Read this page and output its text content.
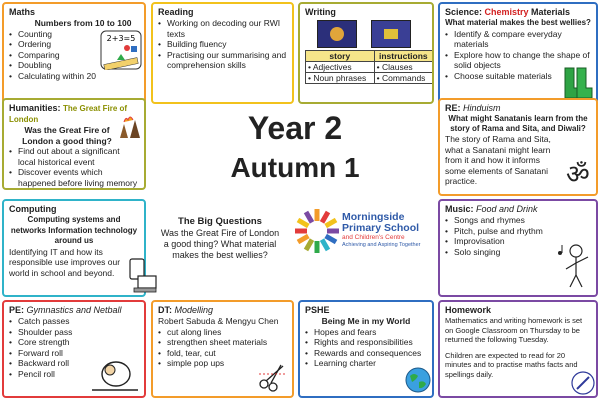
Maths
Numbers from 10 to 100
• Counting
• Ordering
• Comparing
• Doubling
• Calculating within 20
2+3=5
Reading
• Working on decoding our RWI texts
• Building fluency
• Practising our summarising and comprehension skills
Writing
story	instructions
• Adjectives	• Clauses
• Noun phrases	• Commands
Science: Chemistry Materials
What material makes the best wellies?
• Identify & compare everyday materials
• Explore how to change the shape of solid objects
• Choose suitable materials
Humanities: The Great Fire of London
Was the Great Fire of London a good thing?
• Find out about a significant local historical event
• Discover events which happened before living memory
Year 2
Autumn 1
RE: Hinduism
What might Sanatanis learn from the story of Rama and Sita, and Diwali?
The story of Rama and Sita, what a Sanatani might learn from it and how it informs some elements of Sanatani practice.	ॐ
Computing
Computing systems and networks Information technology around us
Identifying IT and how its responsible use improves our world in school and beyond.
The Big Questions
Was the Great Fire of London a good thing? What material makes the best wellies?
Morningside
Primary School
and Children's Centre
Achieving and Aspiring Together
Music: Food and Drink
• Songs and rhymes
• Pitch, pulse and rhythm
• Improvisation
• Solo singing
PE: Gymnastics and Netball
• Catch passes
• Shoulder pass
• Core strength
• Forward roll
• Backward roll
• Pencil roll
DT: Modelling
Robert Sabuda & Mengyu Chen
• cut along lines
• strengthen sheet materials
• fold, tear, cut
• simple pop ups
PSHE
Being Me in my World
• Hopes and fears
• Rights and responsibilities
• Rewards and consequences
• Learning charter
Homework
Mathematics and writing homework is set on Google Classroom on Thursday to be returned the following Tuesday.
Children are expected to read for 20 minutes and to practise maths facts and spellings daily.
